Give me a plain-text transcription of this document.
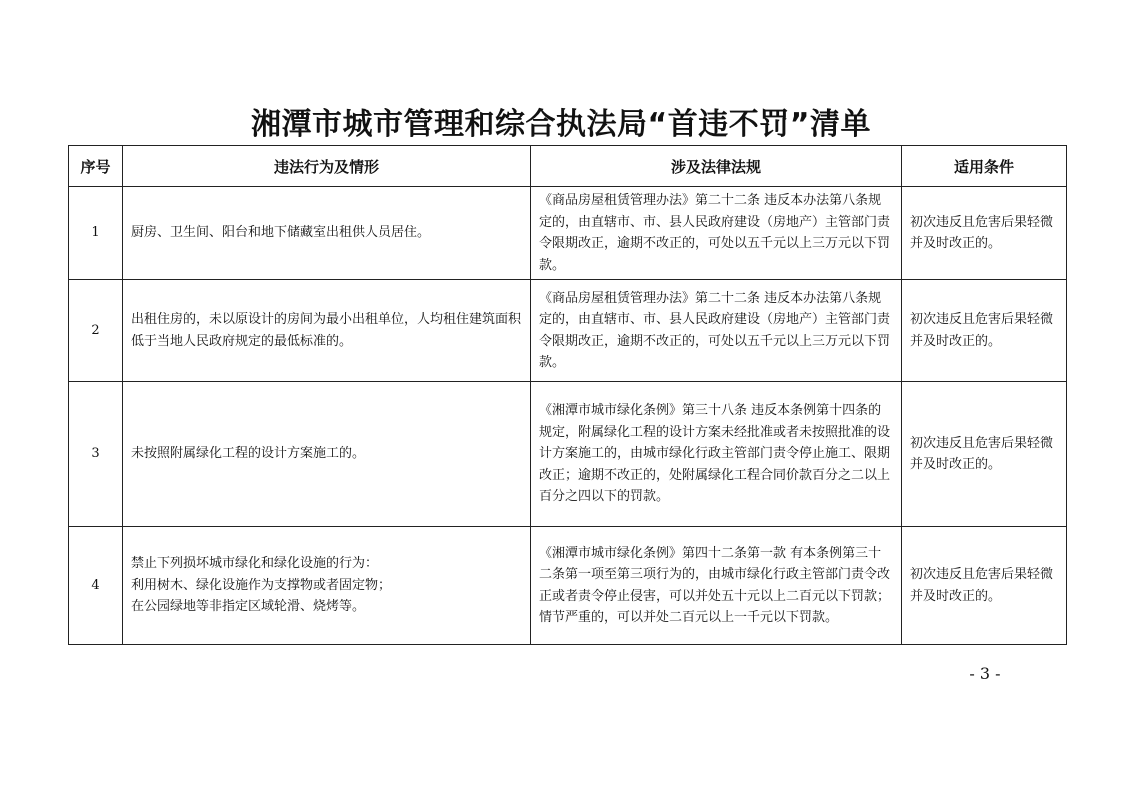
湘潭市城市管理和综合执法局“首违不罚”清单
序号	违法行为及情形	涉及法律法规	适用条件
1	厨房、卫生间、阳台和地下储藏室出租供人员居住。	《商品房屋租赁管理办法》第二十二条 违反本办法第八条规定的，由直辖市、市、县人民政府建设（房地产）主管部门责令限期改正，逾期不改正的，可处以五千元以上三万元以下罚款。	初次违反且危害后果轻微并及时改正的。
2	出租住房的，未以原设计的房间为最小出租单位，人均租住建筑面积低于当地人民政府规定的最低标准的。	《商品房屋租赁管理办法》第二十二条 违反本办法第八条规定的，由直辖市、市、县人民政府建设（房地产）主管部门责令限期改正，逾期不改正的，可处以五千元以上三万元以下罚款。	初次违反且危害后果轻微并及时改正的。
3	未按照附属绿化工程的设计方案施工的。	《湘潭市城市绿化条例》第三十八条 违反本条例第十四条的规定，附属绿化工程的设计方案未经批准或者未按照批准的设计方案施工的，由城市绿化行政主管部门责令停止施工、限期改正；逾期不改正的，处附属绿化工程合同价款百分之二以上百分之四以下的罚款。	初次违反且危害后果轻微并及时改正的。
4	禁止下列损坏城市绿化和绿化设施的行为：
利用树木、绿化设施作为支撑物或者固定物；
在公园绿地等非指定区域轮滑、烧烤等。	《湘潭市城市绿化条例》第四十二条第一款 有本条例第三十二条第一项至第三项行为的，由城市绿化行政主管部门责令改正或者责令停止侵害，可以并处五十元以上二百元以下罚款；情节严重的，可以并处二百元以上一千元以下罚款。	初次违反且危害后果轻微并及时改正的。
- 3 -
